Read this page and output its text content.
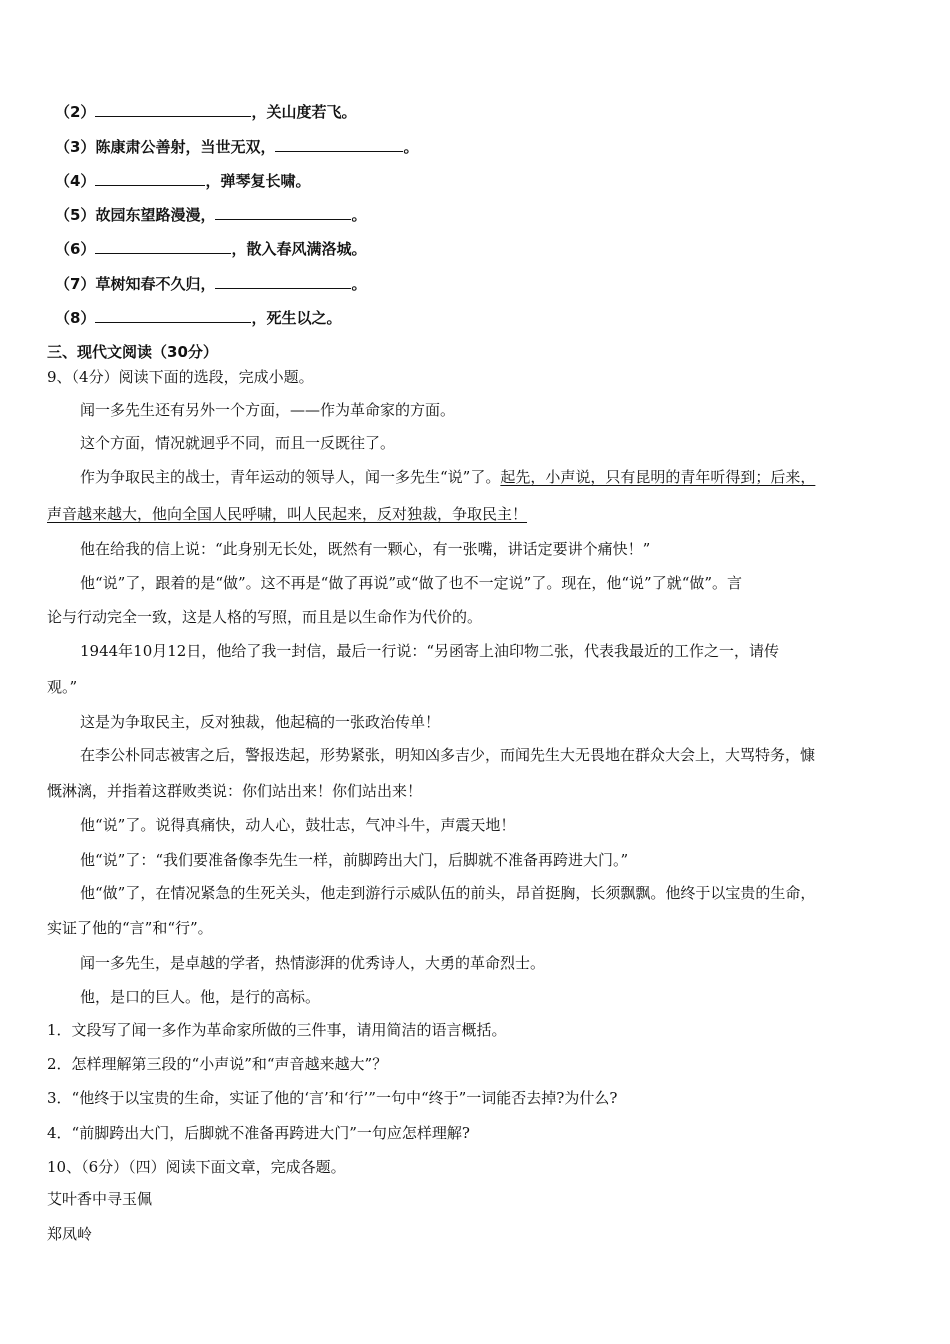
（2）	，关山度若飞。
（3）陈康肃公善射，当世无双，	。
（4）	，弹琴复长啸。
（5）故园东望路漫漫，	。
（6）	，散入春风满洛城。
（7）草树知春不久归，	。
（8）	，死生以之。
三、现代文阅读（30分）
9、（4分）阅读下面的选段，完成小题。
闻一多先生还有另外一个方面，——作为革命家的方面。
这个方面，情况就迥乎不同，而且一反既往了。
作为争取民主的战士，青年运动的领导人，闻一多先生“说”了。起先，小声说，只有昆明的青年听得到；后来，
声音越来越大，他向全国人民呼啸，叫人民起来，反对独裁，争取民主！
他在给我的信上说：“此身别无长处，既然有一颗心，有一张嘴，讲话定要讲个痛快！”
他“说”了，跟着的是“做”。这不再是“做了再说”或“做了也不一定说”了。现在，他“说”了就“做”。言
论与行动完全一致，这是人格的写照，而且是以生命作为代价的。
1944年10月12日，他给了我一封信，最后一行说：“另函寄上油印物二张，代表我最近的工作之一，请传
观。”
这是为争取民主，反对独裁，他起稿的一张政治传单！
在李公朴同志被害之后，警报迭起，形势紧张，明知凶多吉少，而闻先生大无畏地在群众大会上，大骂特务，慷
慨淋漓，并指着这群败类说：你们站出来！你们站出来！
他“说”了。说得真痛快，动人心，鼓壮志，气冲斗牛，声震天地！
他“说”了：“我们要准备像李先生一样，前脚跨出大门，后脚就不准备再跨进大门。”
他“做”了，在情况紧急的生死关头，他走到游行示威队伍的前头，昂首挺胸，长须飘飘。他终于以宝贵的生命，
实证了他的“言”和“行”。
闻一多先生，是卓越的学者，热情澎湃的优秀诗人，大勇的革命烈士。
他，是口的巨人。他，是行的高标。
1．文段写了闻一多作为革命家所做的三件事，请用简洁的语言概括。
2．怎样理解第三段的“小声说”和“声音越来越大”？
3．“他终于以宝贵的生命，实证了他的‘言’和‘行’”一句中“终于”一词能否去掉?为什么?
4．“前脚跨出大门，后脚就不准备再跨进大门”一句应怎样理解?
10、（6分）（四）阅读下面文章，完成各题。
艾叶香中寻玉佩
郑凤岭
